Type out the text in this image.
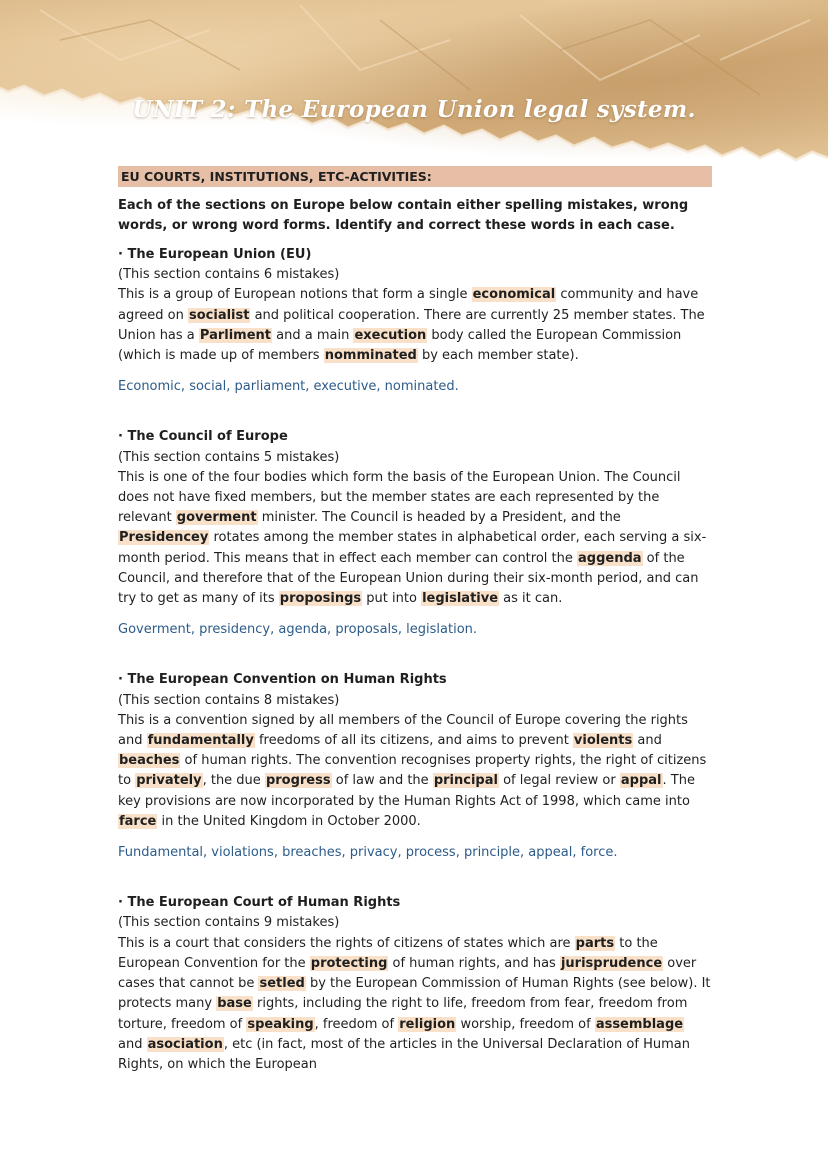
UNIT 2: The European Union legal system.
EU COURTS, INSTITUTIONS, ETC-ACTIVITIES:

Each of the sections on Europe below contain either spelling mistakes, wrong words, or wrong word forms. Identify and correct these words in each case.

· The European Union (EU)

(This section contains 6 mistakes)

This is a group of European notions that form a single economical community and have agreed on socialist and political cooperation. There are currently 25 member states. The Union has a Parliment and a main execution body called the European Commission (which is made up of members nomminated by each member state).

Economic, social, parliament, executive, nominated.

· The Council of Europe

(This section contains 5 mistakes)

This is one of the four bodies which form the basis of the European Union. The Council does not have fixed members, but the member states are each represented by the relevant goverment minister. The Council is headed by a President, and the Presidencey rotates among the member states in alphabetical order, each serving a six-month period. This means that in effect each member can control the aggenda of the Council, and therefore that of the European Union during their six-month period, and can try to get as many of its proposings put into legislative as it can.

Goverment, presidency, agenda, proposals, legislation.

· The European Convention on Human Rights

(This section contains 8 mistakes)

This is a convention signed by all members of the Council of Europe covering the rights and fundamentally freedoms of all its citizens, and aims to prevent violents and beaches of human rights. The convention recognises property rights, the right of citizens to privately, the due progress of law and the principal of legal review or appal. The key provisions are now incorporated by the Human Rights Act of 1998, which came into farce in the United Kingdom in October 2000.

Fundamental, violations, breaches, privacy, process, principle, appeal, force.

· The European Court of Human Rights

(This section contains 9 mistakes)

This is a court that considers the rights of citizens of states which are parts to the European Convention for the protecting of human rights, and has jurisprudence over cases that cannot be setled by the European Commission of Human Rights (see below). It protects many base rights, including the right to life, freedom from fear, freedom from torture, freedom of speaking, freedom of religion worship, freedom of assemblage and asociation, etc (in fact, most of the articles in the Universal Declaration of Human Rights, on which the European
